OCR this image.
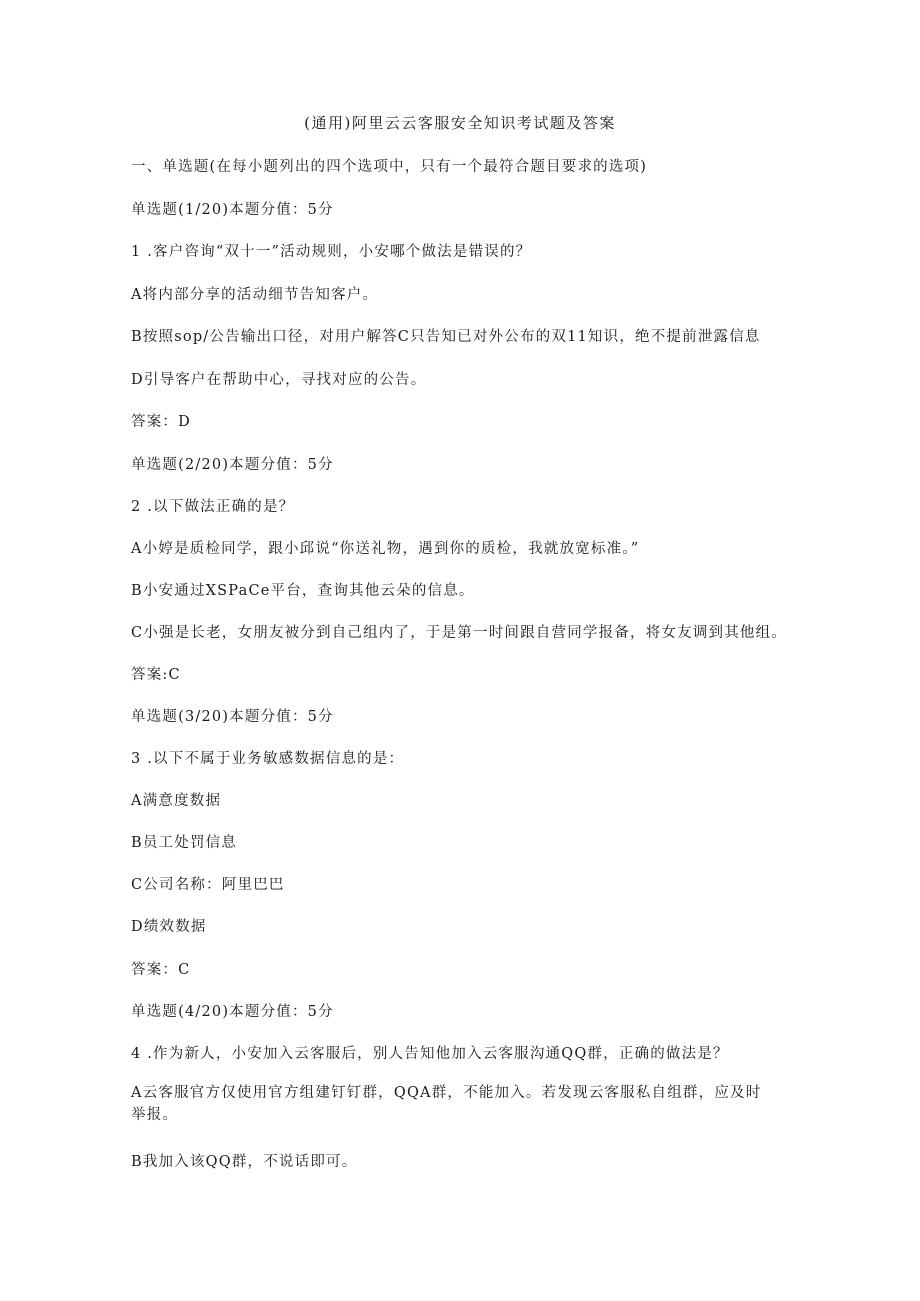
(通用)阿里云云客服安全知识考试题及答案
一、单选题(在每小题列出的四个选项中，只有一个最符合题目要求的选项)
单选题(1/20)本题分值：5分
1 .客户咨询“双十一”活动规则，小安哪个做法是错误的？
A将内部分享的活动细节告知客户。
B按照sop/公告输出口径，对用户解答C只告知已对外公布的双11知识，绝不提前泄露信息
D引导客户在帮助中心，寻找对应的公告。
答案：D
单选题(2/20)本题分值：5分
2 .以下做法正确的是？
A小婷是质检同学，跟小邱说“你送礼物，遇到你的质检，我就放宽标准。”
B小安通过XSPaCe平台，查询其他云朵的信息。
C小强是长老，女朋友被分到自己组内了，于是第一时间跟自营同学报备，将女友调到其他组。
答案:C
单选题(3/20)本题分值：5分
3 .以下不属于业务敏感数据信息的是：
A满意度数据
B员工处罚信息
C公司名称：阿里巴巴
D绩效数据
答案：C
单选题(4/20)本题分值：5分
4 .作为新人，小安加入云客服后，别人告知他加入云客服沟通QQ群，正确的做法是？
A云客服官方仅使用官方组建钉钉群，QQA群，不能加入。若发现云客服私自组群，应及时举报。
B我加入该QQ群，不说话即可。
